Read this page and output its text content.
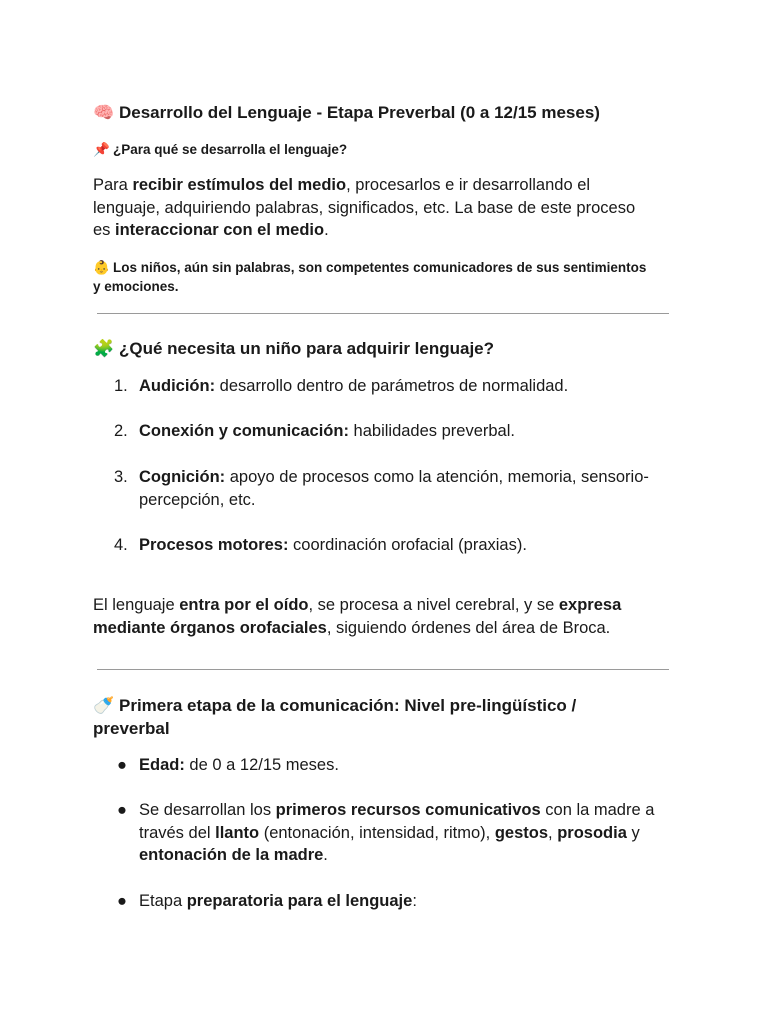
🧠 Desarrollo del Lenguaje - Etapa Preverbal (0 a 12/15 meses)
📌 ¿Para qué se desarrolla el lenguaje?
Para recibir estímulos del medio, procesarlos e ir desarrollando el lenguaje, adquiriendo palabras, significados, etc. La base de este proceso es interaccionar con el medio.
👶 Los niños, aún sin palabras, son competentes comunicadores de sus sentimientos y emociones.
🧩 ¿Qué necesita un niño para adquirir lenguaje?
1. Audición: desarrollo dentro de parámetros de normalidad.
2. Conexión y comunicación: habilidades preverbal.
3. Cognición: apoyo de procesos como la atención, memoria, sensorio-percepción, etc.
4. Procesos motores: coordinación orofacial (praxias).
El lenguaje entra por el oído, se procesa a nivel cerebral, y se expresa mediante órganos orofaciales, siguiendo órdenes del área de Broca.
🍼 Primera etapa de la comunicación: Nivel pre-lingüístico / preverbal
● Edad: de 0 a 12/15 meses.
● Se desarrollan los primeros recursos comunicativos con la madre a través del llanto (entonación, intensidad, ritmo), gestos, prosodia y entonación de la madre.
● Etapa preparatoria para el lenguaje:
